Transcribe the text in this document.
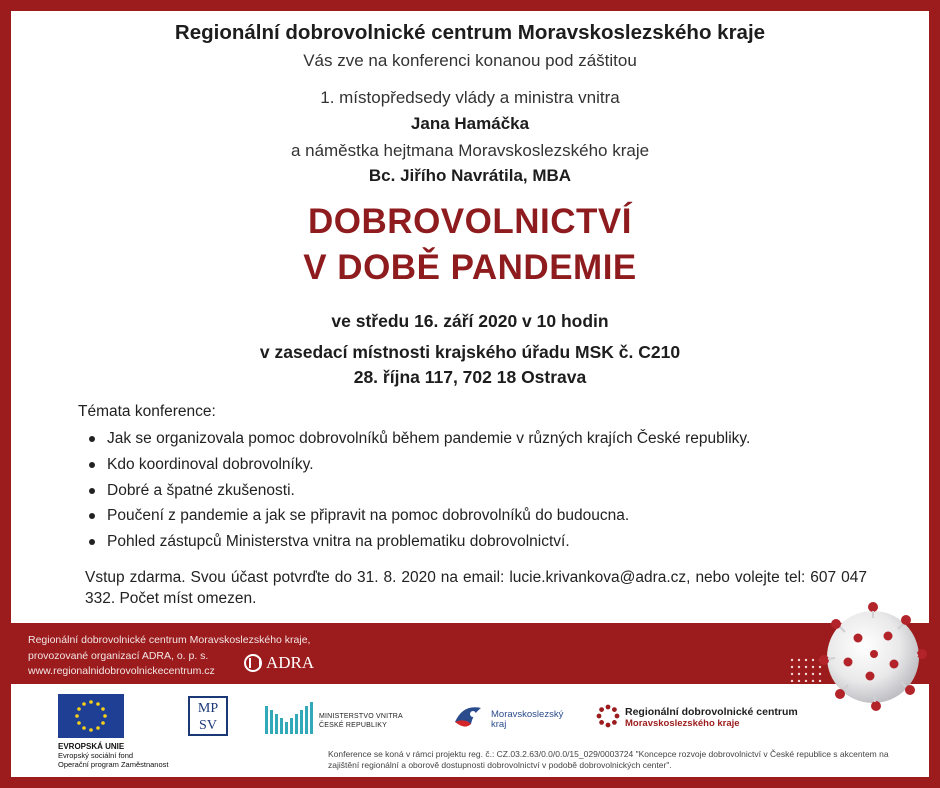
Regionální dobrovolnické centrum Moravskoslezského kraje
Vás zve na konferenci konanou pod záštitou
1. místopředsedy vlády a ministra vnitra
Jana Hamáčka
a náměstka hejtmana Moravskoslezského kraje
Bc. Jiřího Navrátila, MBA
DOBROVOLNICTVÍ
V DOBĚ PANDEMIE
ve středu 16. září 2020 v 10 hodin
v zasedací místnosti krajského úřadu MSK č. C210
28. října 117, 702 18 Ostrava
Témata konference:
Jak se organizovala pomoc dobrovolníků během pandemie v různých krajích České republiky.
Kdo koordinoval dobrovolníky.
Dobré a špatné zkušenosti.
Poučení z pandemie a jak se připravit na pomoc dobrovolníků do budoucna.
Pohled zástupců Ministerstva vnitra na problematiku dobrovolnictví.
Vstup zdarma. Svou účast potvrďte do 31. 8. 2020 na email: lucie.krivankova@adra.cz, nebo volejte tel: 607 047 332. Počet míst omezen.
Regionální dobrovolnické centrum Moravskoslezského kraje,
provozované organizací ADRA, o. p. s.
www.regionalnidobrovolnickecentrum.cz	ADRA
EVROPSKÁ UNIE
Evropský sociální fond
Operační program Zaměstnanost
MP
SV
MINISTERSTVO VNITRA
ČESKÉ REPUBLIKY
Moravskoslezský
kraj
Regionální dobrovolnické centrum
Moravskoslezského kraje
Konference se koná v rámci projektu reg. č.: CZ.03.2.63/0.0/0.0/15_029/0003724 "Koncepce rozvoje dobrovolnictví v České republice s akcentem na zajištění regionální a oborově dostupnosti dobrovolnictví v podobě dobrovolnických center".
